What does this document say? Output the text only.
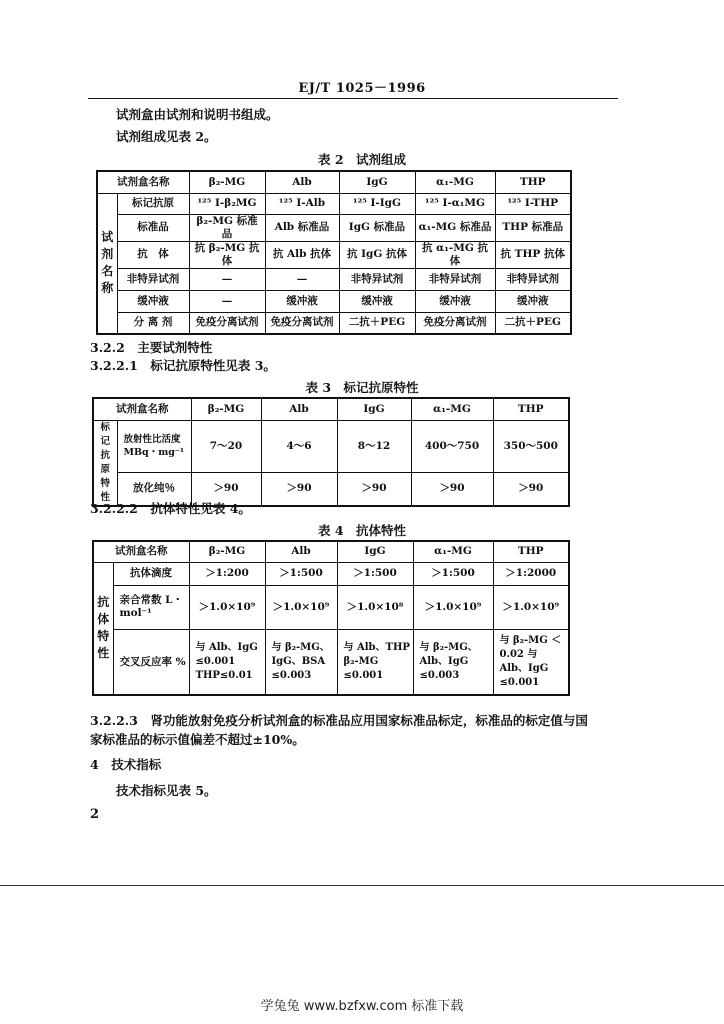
EJ/T 1025－1996
试剂盒由试剂和说明书组成。
试剂组成见表 2。
表 2　试剂组成
试剂盒名称		β₂-MG	Alb	IgG	α₁-MG	THP
试剂名称	标记抗原	¹²⁵ I-β₂MG	¹²⁵ I-Alb	¹²⁵ I-IgG	¹²⁵ I-α₁MG	¹²⁵ I-THP
	标准品	β₂-MG 标准品	Alb 标准品	IgG 标准品	α₁-MG 标准品	THP 标准品
	抗　体	抗 β₂-MG 抗体	抗 Alb 抗体	抗 IgG 抗体	抗 α₁-MG 抗体	抗 THP 抗体
	非特异试剂	—	—	非特异试剂	非特异试剂	非特异试剂
	缓冲液	—	缓冲液	缓冲液	缓冲液	缓冲液
	分 离 剂	免疫分离试剂	免疫分离试剂	二抗＋PEG	免疫分离试剂	二抗＋PEG
3.2.2　主要试剂特性
3.2.2.1　标记抗原特性见表 3。
表 3　标记抗原特性
试剂盒名称		β₂-MG	Alb	IgG	α₁-MG	THP
标记抗原特性	放射性比活度 MBq・mg⁻¹	7～20	4～6	8～12	400～750	350～500
	放化纯％	＞90	＞90	＞90	＞90	＞90
3.2.2.2　抗体特性见表 4。
表 4　抗体特性
试剂盒名称		β₂-MG	Alb	IgG	α₁-MG	THP
抗体特性	抗体滴度	＞1:200	＞1:500	＞1:500	＞1:500	＞1:2000
	亲合常数 L・mol⁻¹	＞1.0×10⁹	＞1.0×10⁹	＞1.0×10⁸	＞1.0×10⁹	＞1.0×10⁹
	交叉反应率 %	与 Alb、IgG ≤0.001 THP≤0.01	与 β₂-MG、IgG、BSA ≤0.003	与 Alb、THP β₂-MG ≤0.001	与 β₂-MG、Alb、IgG ≤0.003	与 β₂-MG ＜0.02 与 Alb、IgG ≤0.001
3.2.2.3　肾功能放射免疫分析试剂盒的标准品应用国家标准品标定，标准品的标定值与国
家标准品的标示值偏差不超过±10%。
4　技术指标
技术指标见表 5。
2
学兔兔 www.bzfxw.com 标准下载
